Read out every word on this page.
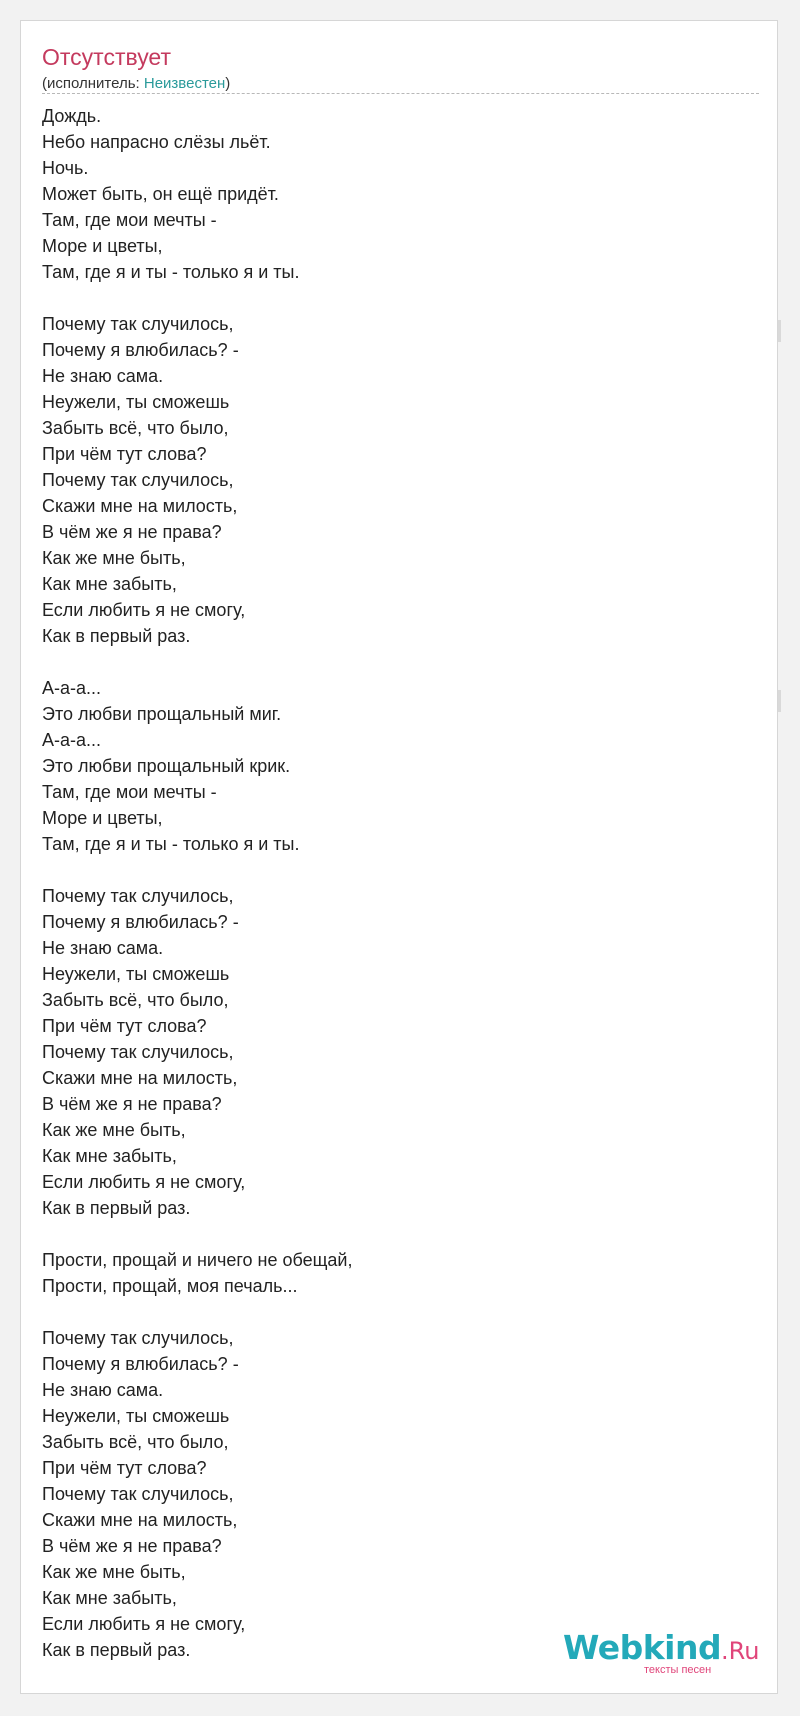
Отсутствует
(исполнитель: Неизвестен)
Дождь.
Небо напрасно слёзы льёт.
Ночь.
Может быть, он ещё придёт.
Там, где мои мечты -
Море и цветы,
Там, где я и ты - только я и ты.
Почему так случилось,
Почему я влюбилась? -
Не знаю сама.
Неужели, ты сможешь
Забыть всё, что было,
При чём тут слова?
Почему так случилось,
Скажи мне на милость,
В чём же я не права?
Как же мне быть,
Как мне забыть,
Если любить я не смогу,
Как в первый раз.
А-а-а...
Это любви прощальный миг.
А-а-а...
Это любви прощальный крик.
Там, где мои мечты -
Море и цветы,
Там, где я и ты - только я и ты.
Почему так случилось,
Почему я влюбилась? -
Не знаю сама.
Неужели, ты сможешь
Забыть всё, что было,
При чём тут слова?
Почему так случилось,
Скажи мне на милость,
В чём же я не права?
Как же мне быть,
Как мне забыть,
Если любить я не смогу,
Как в первый раз.
Прости, прощай и ничего не обещай,
Прости, прощай, моя печаль...
Почему так случилось,
Почему я влюбилась? -
Не знаю сама.
Неужели, ты сможешь
Забыть всё, что было,
При чём тут слова?
Почему так случилось,
Скажи мне на милость,
В чём же я не права?
Как же мне быть,
Как мне забыть,
Если любить я не смогу,
Как в первый раз.	Webkind .Ru
тексты песен
